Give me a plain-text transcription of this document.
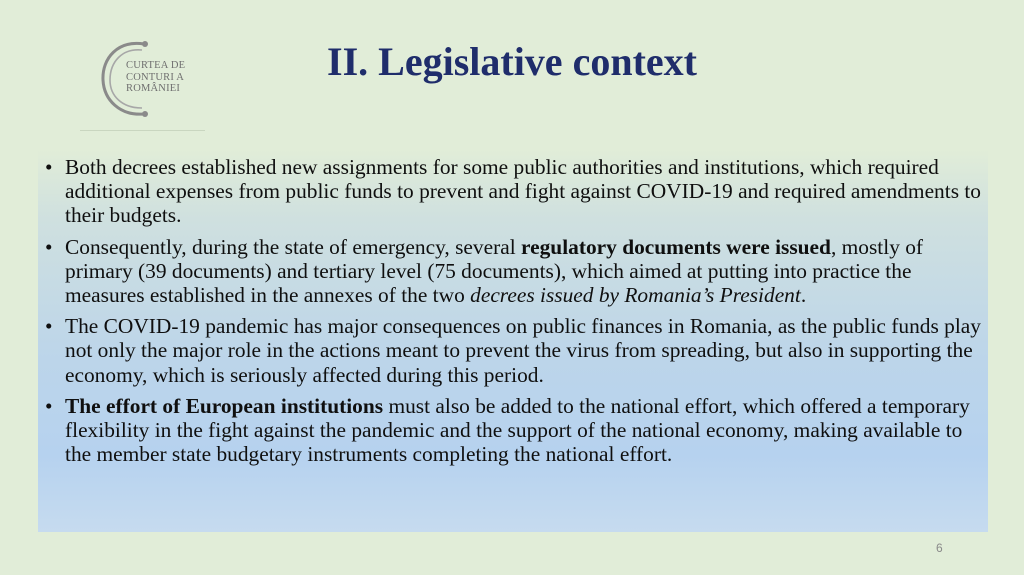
CURTEA DE
CONTURI A
ROMÂNIEI
II. Legislative context
• Both decrees established new assignments for some public authorities and institutions, which required additional expenses from public funds to prevent and fight against COVID-19 and required amendments to their budgets.
• Consequently, during the state of emergency, several regulatory documents were issued, mostly of primary (39 documents) and tertiary level (75 documents), which aimed at putting into practice the measures established in the annexes of the two decrees issued by Romania’s President.
• The COVID-19 pandemic has major consequences on public finances in Romania, as the public funds play not only the major role in the actions meant to prevent the virus from spreading, but also in supporting the economy, which is seriously affected during this period.
• The effort of European institutions must also be added to the national effort, which offered a temporary flexibility in the fight against the pandemic and the support of the national economy, making available to the member state budgetary instruments completing the national effort.
6
